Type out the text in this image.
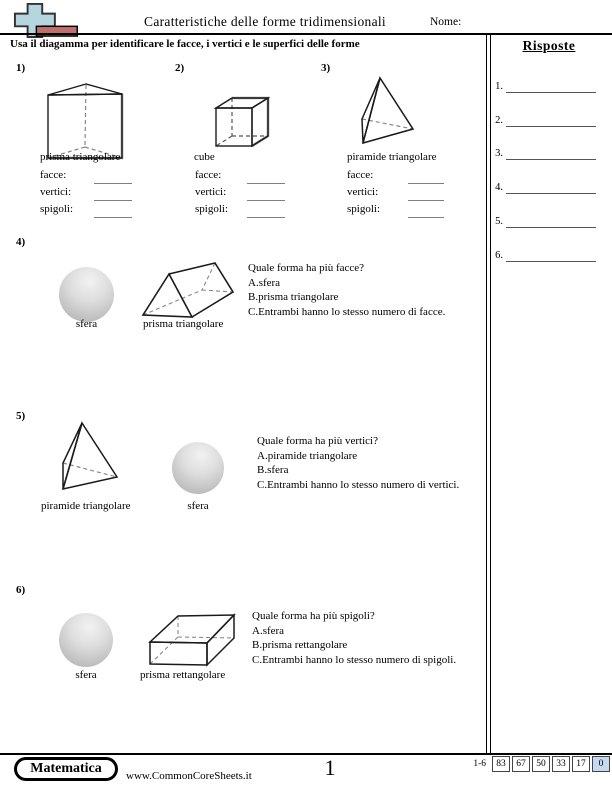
Caratteristiche delle forme tridimensionali	Nome:
Usa il diagamma per identificare le facce, i vertici e le superfici delle forme	Risposte
1.
2.
3.
4.
5.
6.
1)
prisma triangolare
facce:
vertici:
spigoli:
2)
cube
facce:
vertici:
spigoli:
3)
piramide triangolare
facce:
vertici:
spigoli:
4)
sfera	prisma triangolare
Quale forma ha più facce?
A.sfera
B.prisma triangolare
C.Entrambi hanno lo stesso numero di facce.
5)
piramide triangolare	sfera
Quale forma ha più vertici?
A.piramide triangolare
B.sfera
C.Entrambi hanno lo stesso numero di vertici.
6)
sfera	prisma rettangolare
Quale forma ha più spigoli?
A.sfera
B.prisma rettangolare
C.Entrambi hanno lo stesso numero di spigoli.
Matematica	www.CommonCoreSheets.it	1	1-6	83	67	50	33	17	0
